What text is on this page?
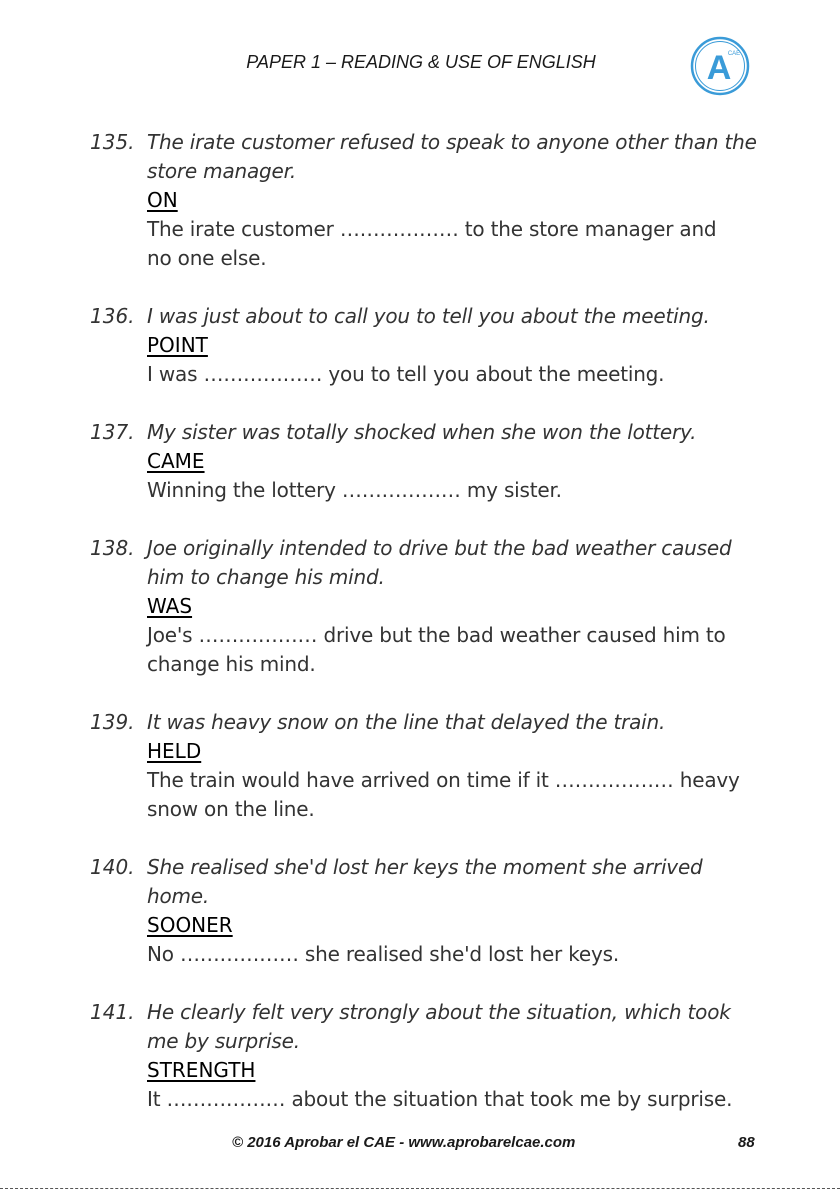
PAPER 1 – READING & USE OF ENGLISH	A
CAE
135. The irate customer refused to speak to anyone other than the store manager.
ON
The irate customer ……………… to the store manager and no one else.
136. I was just about to call you to tell you about the meeting.
POINT
I was ……………… you to tell you about the meeting.
137. My sister was totally shocked when she won the lottery.
CAME
Winning the lottery ……………… my sister.
138. Joe originally intended to drive but the bad weather caused him to change his mind.
WAS
Joe's ……………… drive but the bad weather caused him to change his mind.
139. It was heavy snow on the line that delayed the train.
HELD
The train would have arrived on time if it ……………… heavy snow on the line.
140. She realised she'd lost her keys the moment she arrived home.
SOONER
No ……………… she realised she'd lost her keys.
141. He clearly felt very strongly about the situation, which took me by surprise.
STRENGTH
It ……………… about the situation that took me by surprise.
© 2016 Aprobar el CAE - www.aprobarelcae.com	88
